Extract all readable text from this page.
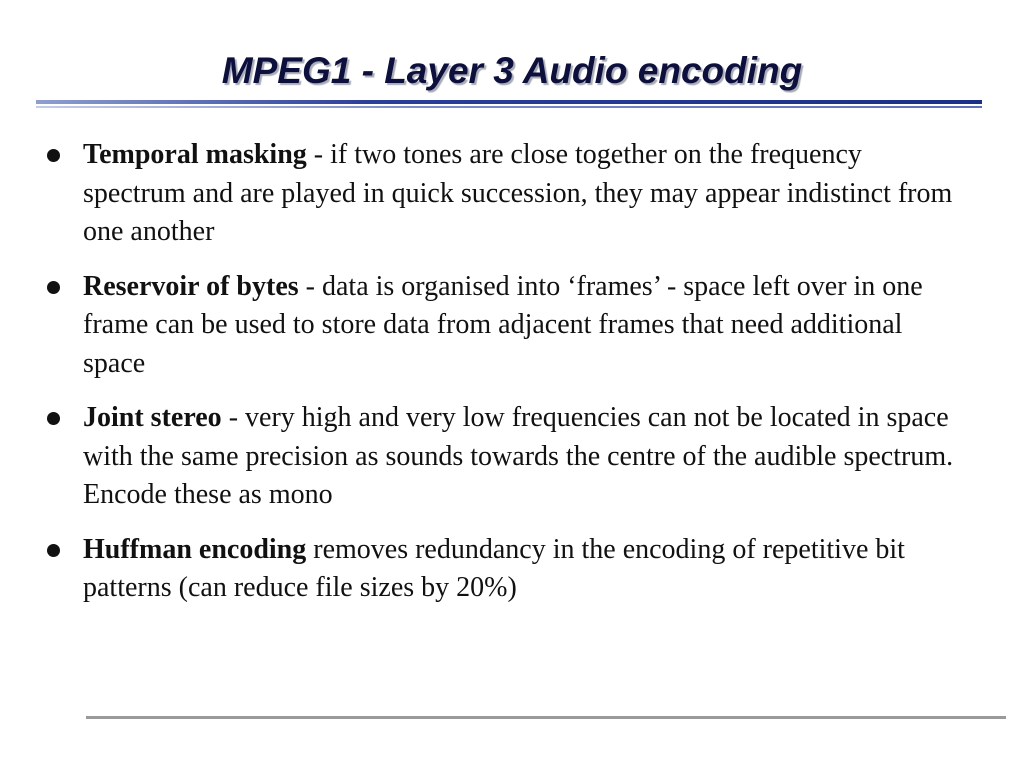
MPEG1 - Layer 3 Audio encoding
Temporal masking - if two tones are close together on the frequency spectrum and are played in quick succession, they may appear indistinct from one another
Reservoir of bytes - data is organised into ‘frames’ - space left over in one frame can be used to store data from adjacent frames that need additional space
Joint stereo - very high and very low frequencies can not be located in space with the same precision as sounds towards the centre of the audible spectrum. Encode these as mono
Huffman encoding removes redundancy in the encoding of repetitive bit patterns (can reduce file sizes by 20%)
